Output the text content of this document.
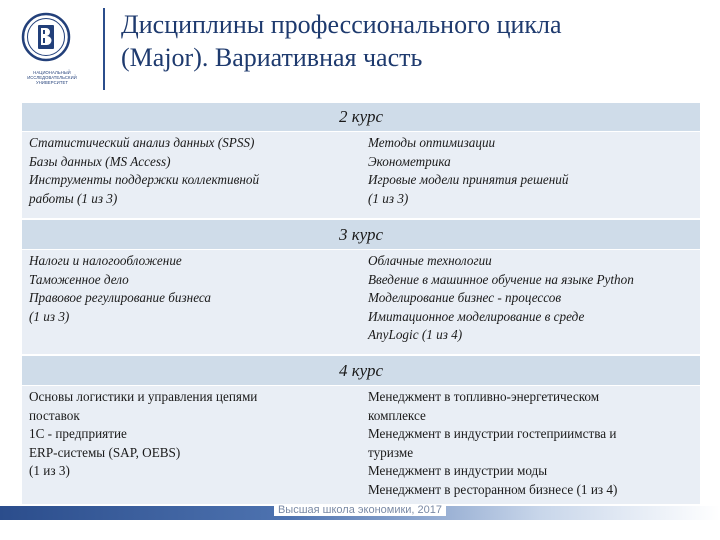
НАЦИОНАЛЬНЫЙ ИССЛЕДОВАТЕЛЬСКИЙ
УНИВЕРСИТЕТ
Дисциплины профессионального цикла
(Major). Вариативная часть
2 курс
Статистический анализ данных (SPSS)
Базы данных (MS Access)
Инструменты поддержки коллективной
работы (1 из 3)
Методы оптимизации
Эконометрика
Игровые модели принятия решений
(1 из 3)
3 курс
Налоги и налогообложение
Таможенное дело
Правовое регулирование бизнеса
(1 из 3)
Облачные технологии
Введение в машинное обучение на языке Python
Моделирование бизнес - процессов
Имитационное моделирование в среде
AnyLogic (1 из 4)
4 курс
Основы логистики и управления цепями
поставок
1С - предприятие
ERP-системы (SAP, OEBS)
(1 из 3)
Менеджмент в топливно-энергетическом
комплексе
Менеджмент в индустрии гостеприимства и
туризме
Менеджмент в индустрии моды
Менеджмент в ресторанном бизнесе (1 из 4)
Высшая школа экономики, 2017
